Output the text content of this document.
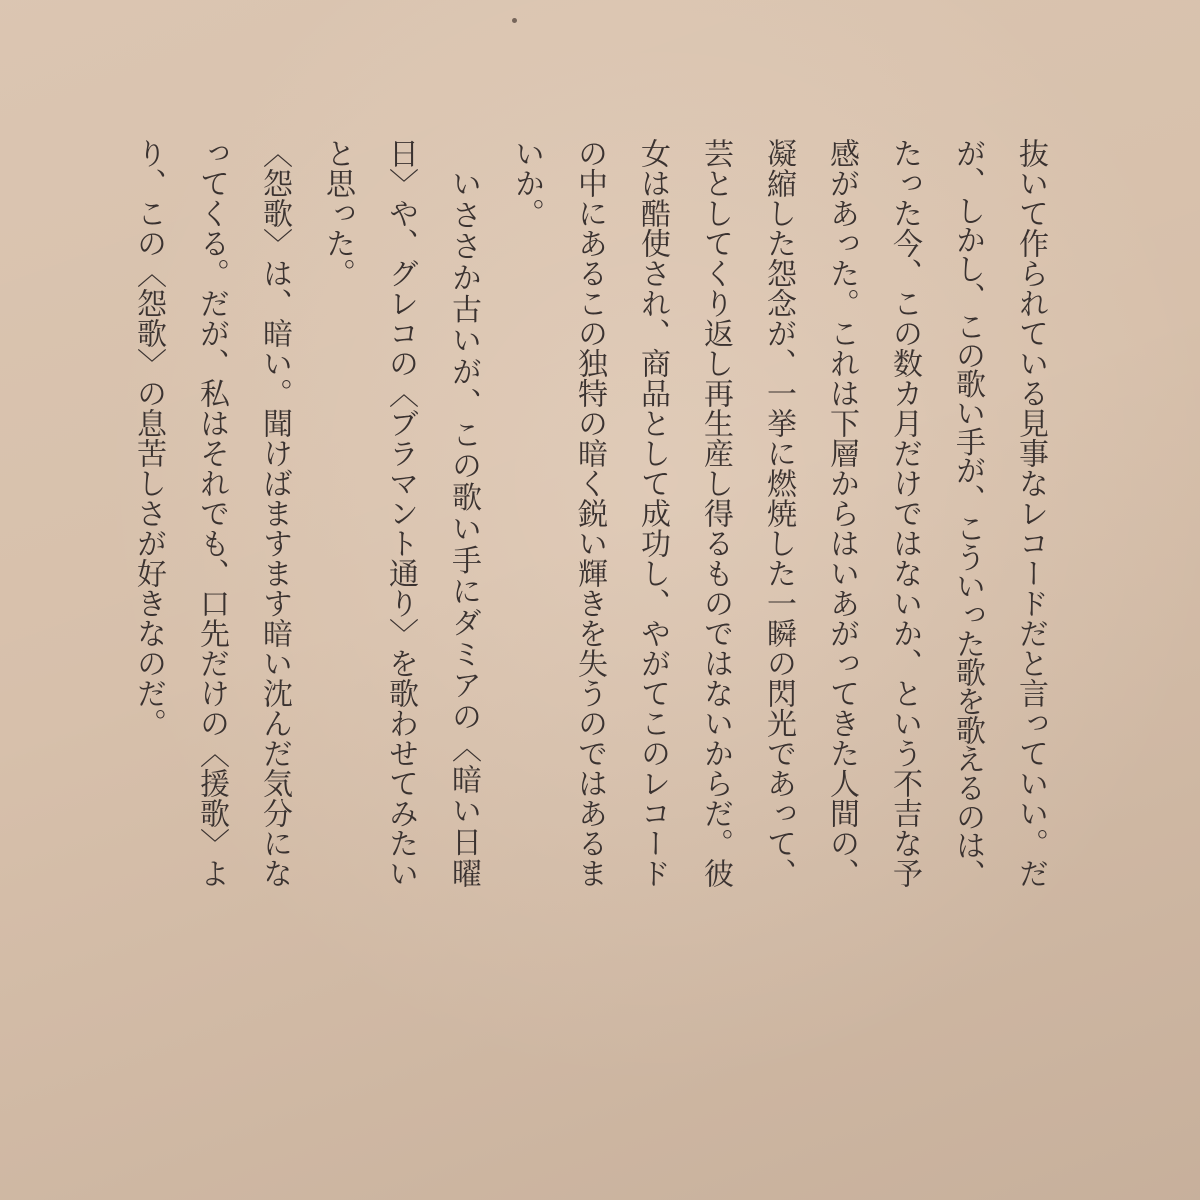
抜いて作られている見事なレコードだと言っていい。だ
が、しかし、この歌い手が、こういった歌を歌えるのは、
たった今、この数カ月だけではないか、という不吉な予
感があった。これは下層からはいあがってきた人間の、
凝縮した怨念が、一挙に燃焼した一瞬の閃光であって、
芸としてくり返し再生産し得るものではないからだ。彼
女は酷使され、商品として成功し、やがてこのレコード
の中にあるこの独特の暗く鋭い輝きを失うのではあるま
いか。
いささか古いが、この歌い手にダミアの〈暗い日曜
日〉や、グレコの〈ブラマント通り〉を歌わせてみたい
と思った。
〈怨歌〉は、暗い。聞けばますます暗い沈んだ気分にな
ってくる。だが、私はそれでも、口先だけの〈援歌〉よ
り、この〈怨歌〉の息苦しさが好きなのだ。
